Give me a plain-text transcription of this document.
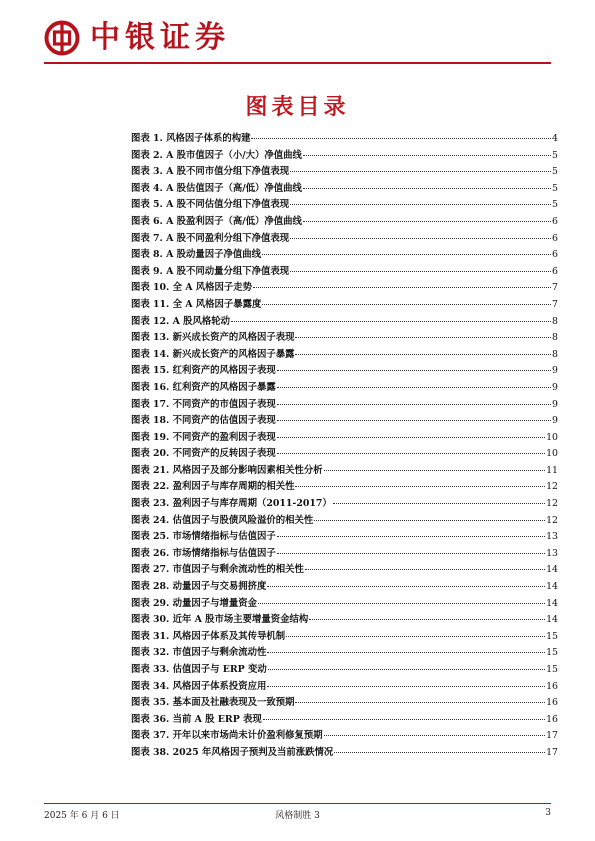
中银证券
图表目录
图表 1. 风格因子体系的构建	4
图表 2. A 股市值因子（小/大）净值曲线	5
图表 3. A 股不同市值分组下净值表现	5
图表 4. A 股估值因子（高/低）净值曲线	5
图表 5. A 股不同估值分组下净值表现	5
图表 6. A 股盈利因子（高/低）净值曲线	6
图表 7. A 股不同盈利分组下净值表现	6
图表 8. A 股动量因子净值曲线	6
图表 9. A 股不同动量分组下净值表现	6
图表 10. 全 A 风格因子走势	7
图表 11. 全 A 风格因子暴露度	7
图表 12. A 股风格轮动	8
图表 13. 新兴成长资产的风格因子表现	8
图表 14. 新兴成长资产的风格因子暴露	8
图表 15. 红利资产的风格因子表现	9
图表 16. 红利资产的风格因子暴露	9
图表 17. 不同资产的市值因子表现	9
图表 18. 不同资产的估值因子表现	9
图表 19. 不同资产的盈利因子表现	10
图表 20. 不同资产的反转因子表现	10
图表 21. 风格因子及部分影响因素相关性分析	11
图表 22. 盈利因子与库存周期的相关性	12
图表 23. 盈利因子与库存周期（2011-2017）	12
图表 24. 估值因子与股债风险溢价的相关性	12
图表 25. 市场情绪指标与估值因子	13
图表 26. 市场情绪指标与估值因子	13
图表 27. 市值因子与剩余流动性的相关性	14
图表 28. 动量因子与交易拥挤度	14
图表 29. 动量因子与增量资金	14
图表 30. 近年 A 股市场主要增量资金结构	14
图表 31. 风格因子体系及其传导机制	15
图表 32. 市值因子与剩余流动性	15
图表 33. 估值因子与 ERP 变动	15
图表 34. 风格因子体系投资应用	16
图表 35. 基本面及社融表现及一致预期	16
图表 36. 当前 A 股 ERP 表现	16
图表 37. 开年以来市场尚未计价盈利修复预期	17
图表 38. 2025 年风格因子预判及当前涨跌情况	17
2025 年 6 月 6 日	风格制胜 3	3
